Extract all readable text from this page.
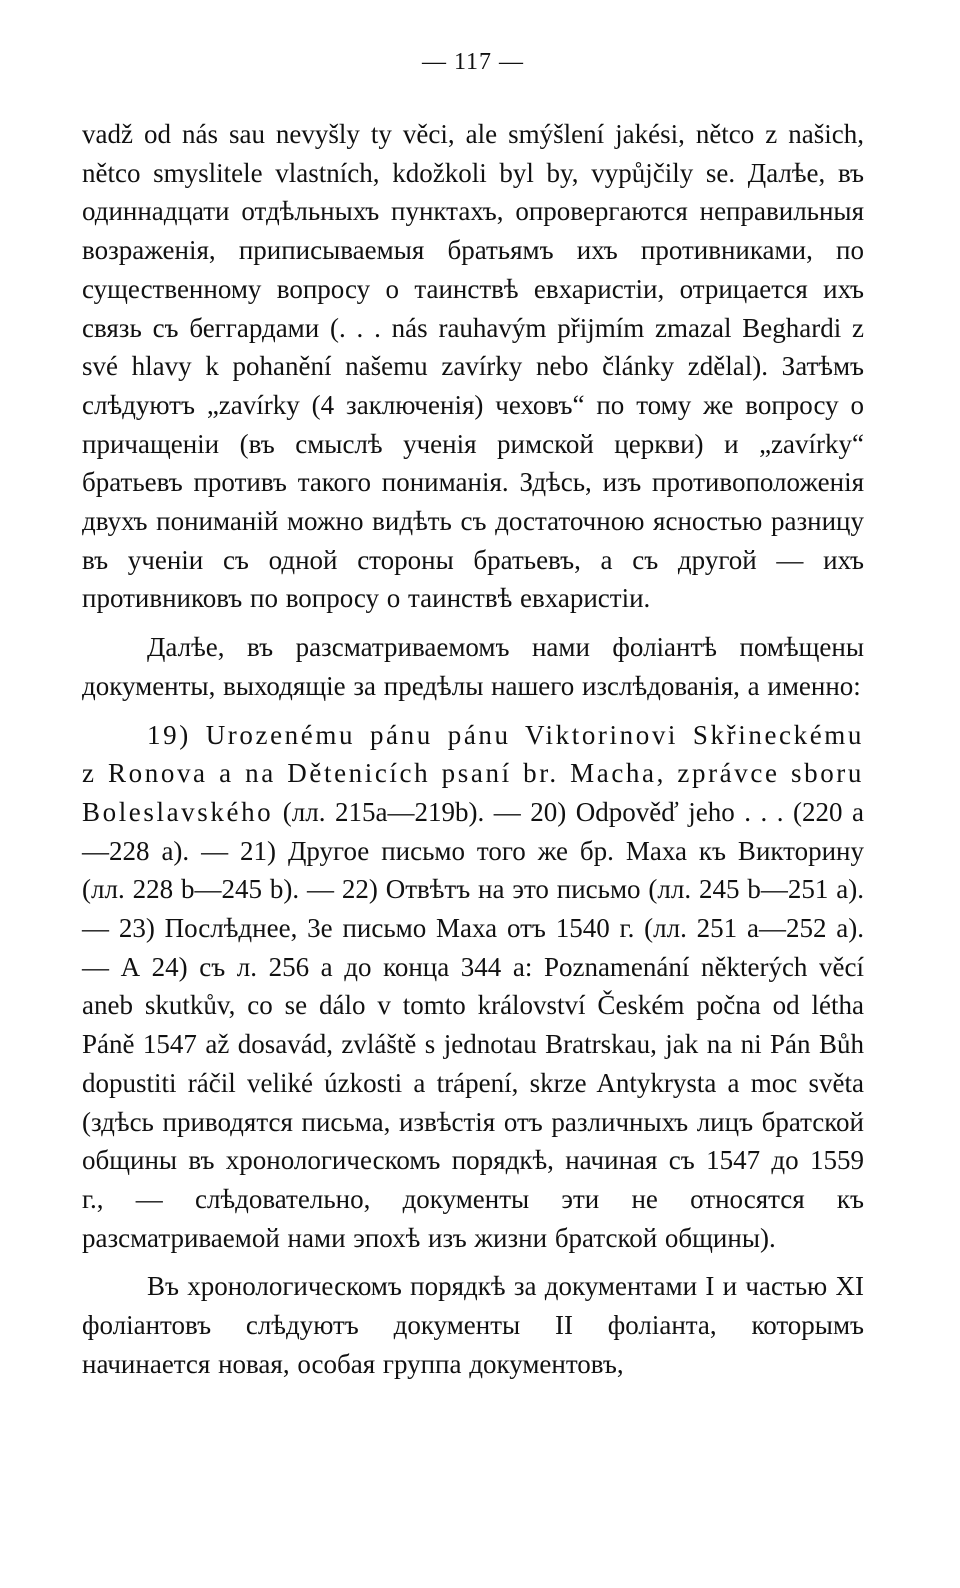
— 117 —

vadž od nás sau nevyšly ty věci, ale smýšlení jakési, nětco z našich, nětco smyslitele vlastních, kdožkoli byl by, vypůjčily se. Далѣе, въ одиннадцати отдѣльныхъ пунктахъ, опровергаются неправильныя возраженія, приписываемыя братьямъ ихъ противниками, по существенному вопросу о таинствѣ евхаристіи, отрицается ихъ связь съ беггардами (. . . nás rauhavým přijmím zmazal Beghardi z své hlavy k pohanění našemu zavírky nebo články zdělal). Затѣмъ слѣдуютъ „zavírky (4 заключенія) чеховъ“ по тому же вопросу о причащеніи (въ смыслѣ ученія римской церкви) и „zavírky“ братьевъ противъ такого пониманія. Здѣсь, изъ противоположенія двухъ пониманій можно видѣть съ достаточною ясностью разницу въ ученіи съ одной стороны братьевъ, а съ другой — ихъ противниковъ по вопросу о таинствѣ евхаристіи.

Далѣе, въ разсматриваемомъ нами фоліантѣ помѣщены документы, выходящіе за предѣлы нашего изслѣдованія, а именно:

19) Urozenému pánu pánu Viktorinovi Skřineckému z Ronova a na Dětenicích psaní br. Macha, zprávce sboru Boleslavského (лл. 215а—219b). — 20) Odpověď jeho . . . (220 а—228 а). — 21) Другое письмо того же бр. Маха къ Викторину (лл. 228 b—245 b). — 22) Отвѣтъ на это письмо (лл. 245 b—251 а). — 23) Послѣднее, 3е письмо Маха отъ 1540 г. (лл. 251 а—252 а). — А 24) съ л. 256 а до конца 344 а: Poznamenání některých věcí aneb skutkův, co se dálo v tomto království Českém počna od létha Páně 1547 až dosavád, zvláště s jednotau Bratrskau, jak na ni Pán Bůh dopustiti ráčil veliké úzkosti a trápení, skrze Antykrysta a moc světa (здѣсь приводятся письма, извѣстія отъ различныхъ лицъ братской общины въ хронологическомъ порядкѣ, начиная съ 1547 до 1559 г., — слѣдовательно, документы эти не относятся къ разсматриваемой нами эпохѣ изъ жизни братской общины).

Въ хронологическомъ порядкѣ за документами I и частью XI фоліантовъ слѣдуютъ документы II фоліанта, которымъ начинается новая, особая группа документовъ,
